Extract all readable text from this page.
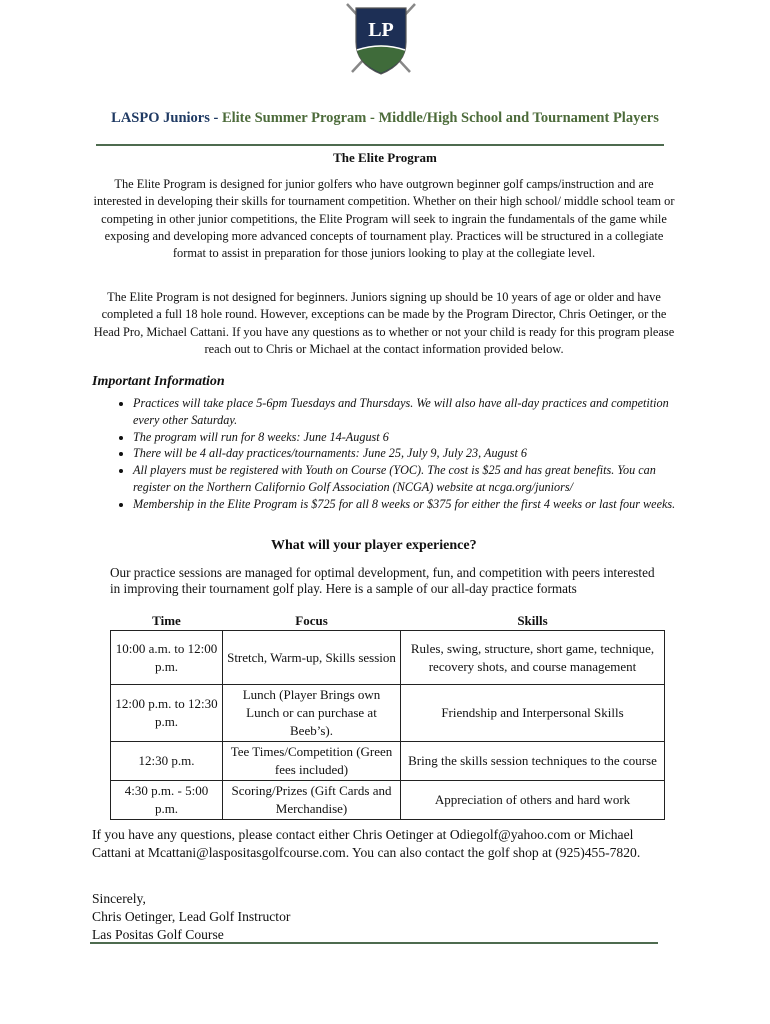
LP
LASPO Juniors - Elite Summer Program - Middle/High School and Tournament Players
The Elite Program
The Elite Program is designed for junior golfers who have outgrown beginner golf camps/instruction and are interested in developing their skills for tournament competition. Whether on their high school/ middle school team or competing in other junior competitions, the Elite Program will seek to ingrain the fundamentals of the game while exposing and developing more advanced concepts of tournament play. Practices will be structured in a collegiate format to assist in preparation for those juniors looking to play at the collegiate level.
The Elite Program is not designed for beginners. Juniors signing up should be 10 years of age or older and have completed a full 18 hole round. However, exceptions can be made by the Program Director, Chris Oetinger, or the Head Pro, Michael Cattani. If you have any questions as to whether or not your child is ready for this program please reach out to Chris or Michael at the contact information provided below.
Important Information
• Practices will take place 5-6pm Tuesdays and Thursdays. We will also have all-day practices and competition every other Saturday.
• The program will run for 8 weeks: June 14-August 6
• There will be 4 all-day practices/tournaments: June 25, July 9, July 23, August 6
• All players must be registered with Youth on Course (YOC). The cost is $25 and has great benefits. You can register on the Northern Californio Golf Association (NCGA) website at ncga.org/juniors/
• Membership in the Elite Program is $725 for all 8 weeks or $375 for either the first 4 weeks or last four weeks.
What will your player experience?
Our practice sessions are managed for optimal development, fun, and competition with peers interested in improving their tournament golf play. Here is a sample of our all-day practice formats
Time	Focus	Skills
10:00 a.m. to 12:00 p.m.	Stretch, Warm-up, Skills session	Rules, swing, structure, short game, technique, recovery shots, and course management
12:00 p.m. to 12:30 p.m.	Lunch (Player Brings own Lunch or can purchase at Beeb’s).	Friendship and Interpersonal Skills
12:30 p.m.	Tee Times/Competition (Green fees included)	Bring the skills session techniques to the course
4:30 p.m. - 5:00 p.m.	Scoring/Prizes (Gift Cards and Merchandise)	Appreciation of others and hard work
If you have any questions, please contact either Chris Oetinger at Odiegolf@yahoo.com or Michael Cattani at Mcattani@laspositasgolfcourse.com. You can also contact the golf shop at (925)455-7820.
Sincerely,
Chris Oetinger, Lead Golf Instructor
Las Positas Golf Course
